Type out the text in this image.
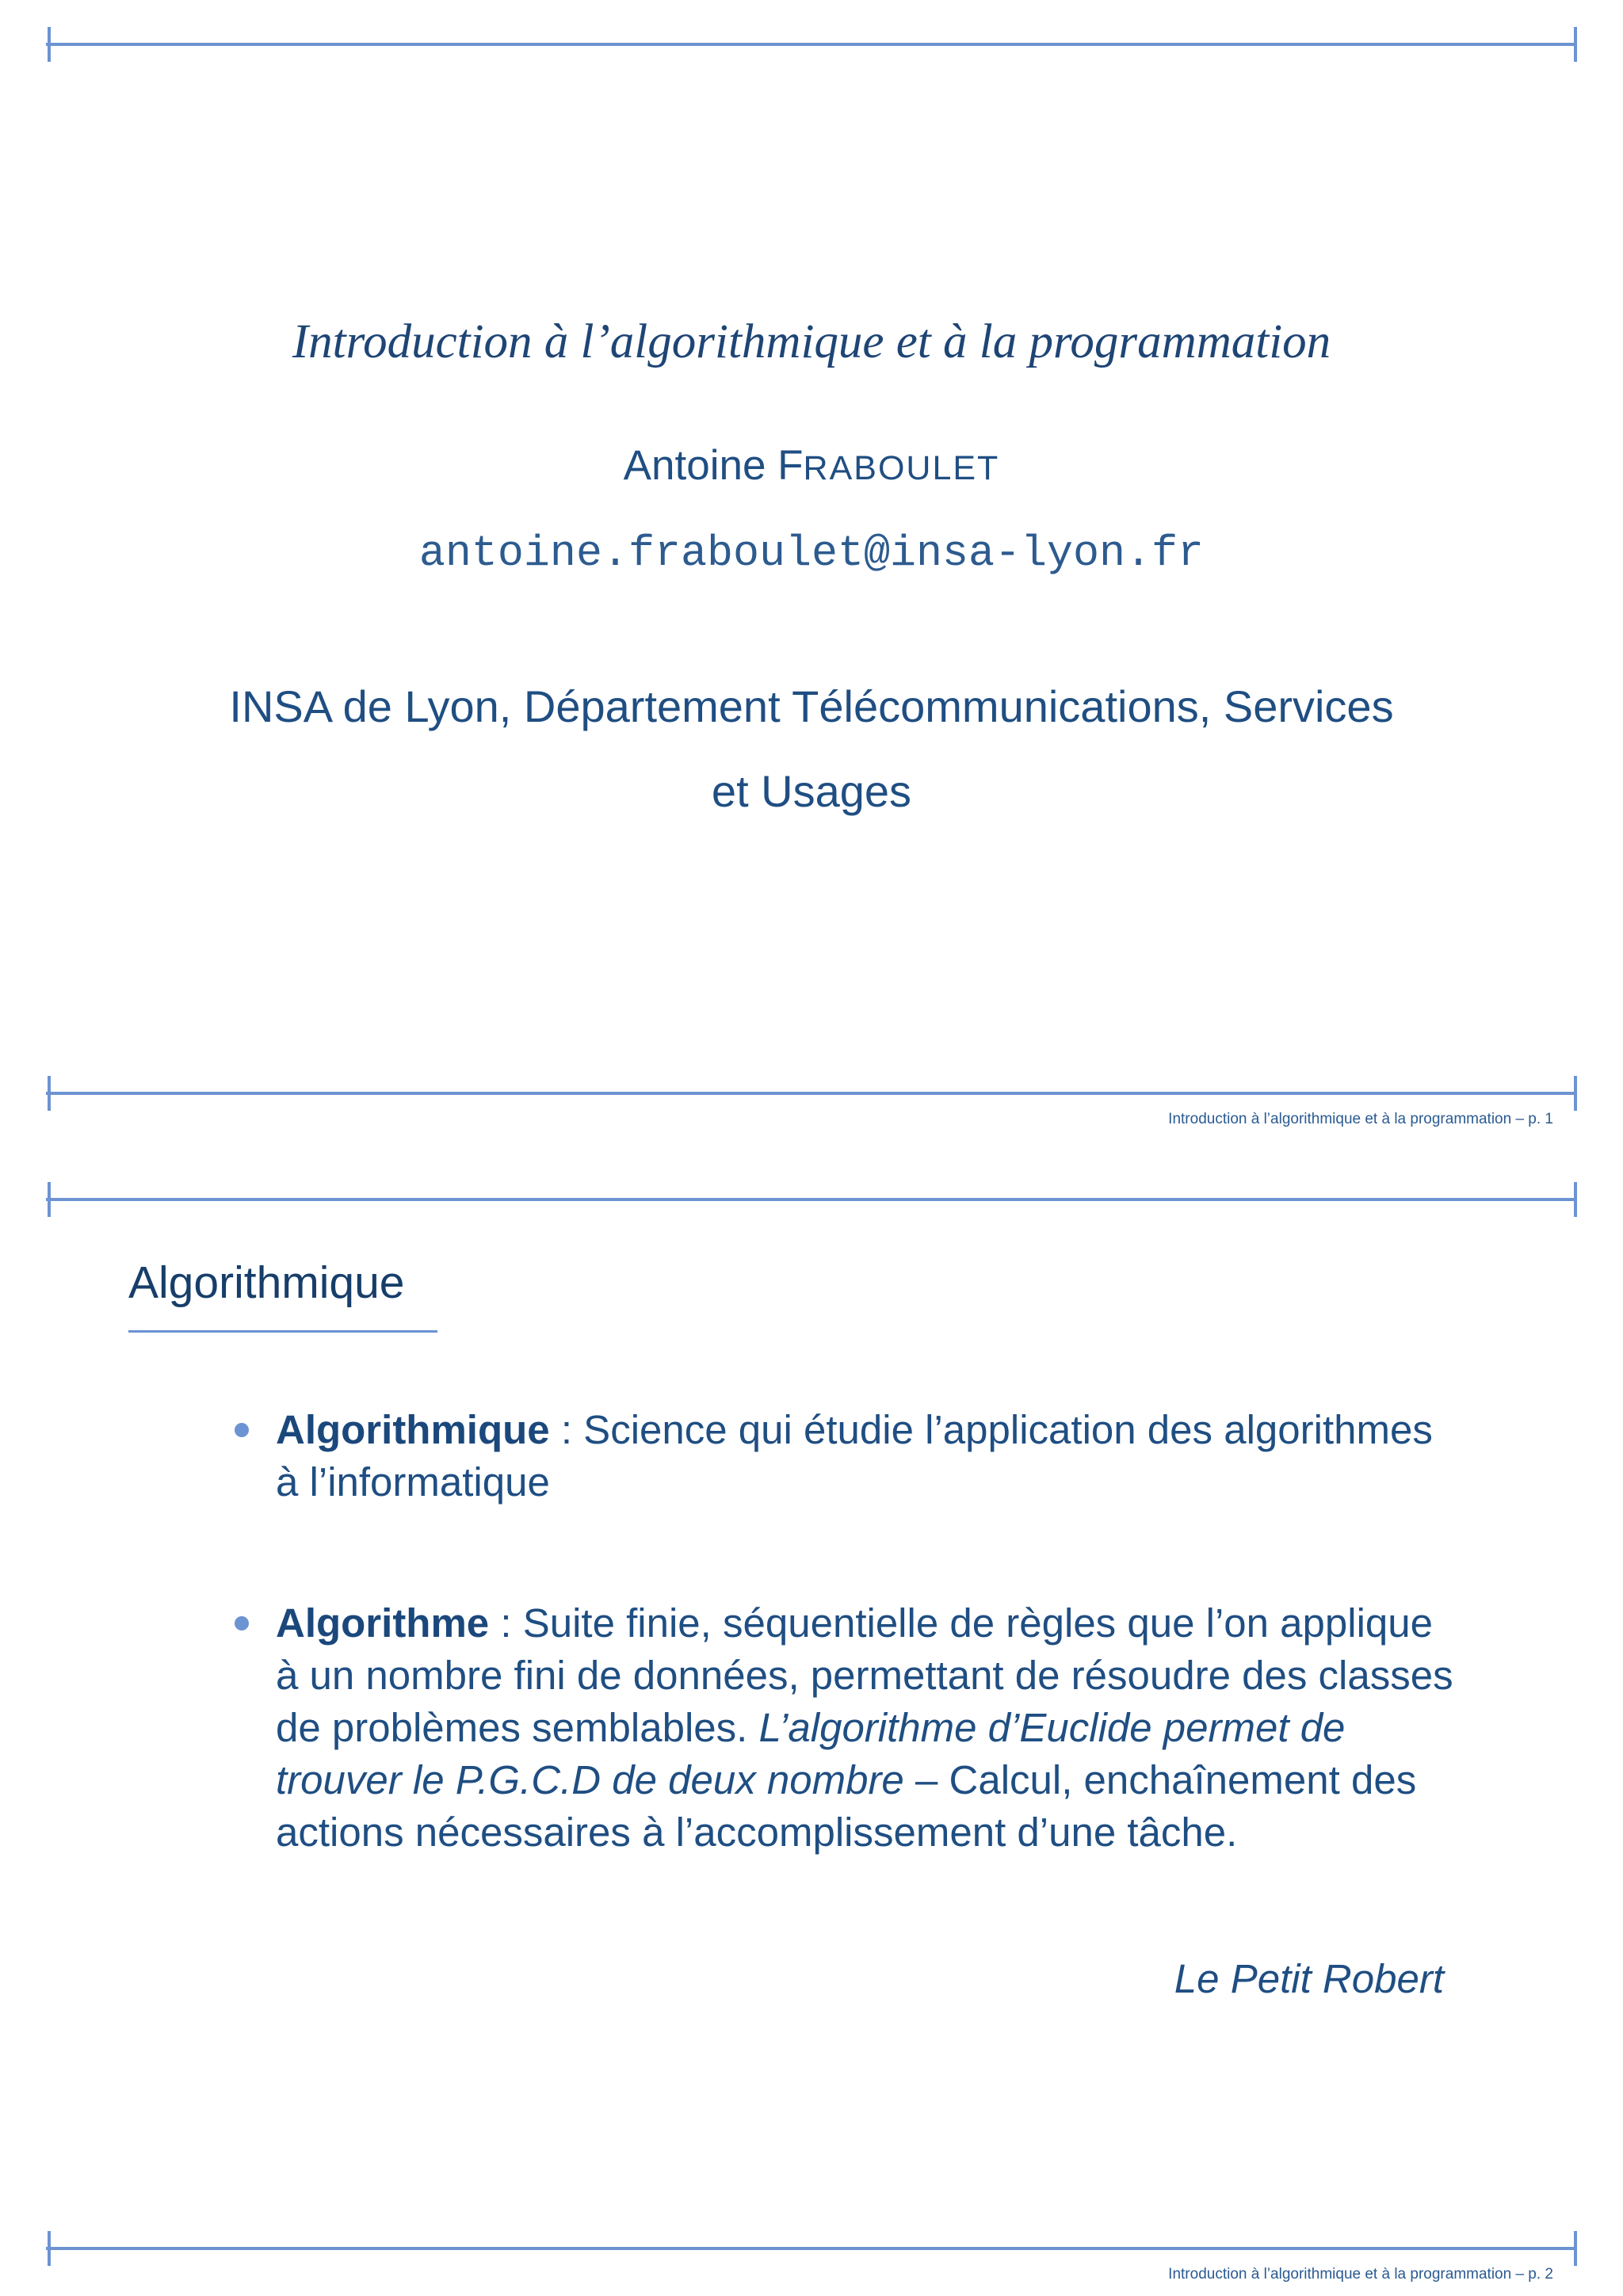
Introduction à l’algorithmique et à la programmation
Antoine FRABOULET
antoine.fraboulet@insa-lyon.fr
INSA de Lyon, Département Télécommunications, Services
et Usages
Introduction à l’algorithmique et à la programmation – p. 1
Algorithmique
Algorithmique : Science qui étudie l’application des algorithmes à l’informatique
Algorithme : Suite finie, séquentielle de règles que l’on applique à un nombre fini de données, permettant de résoudre des classes de problèmes semblables. L’algorithme d’Euclide permet de trouver le P.G.C.D de deux nombre – Calcul, enchaînement des actions nécessaires à l’accomplissement d’une tâche.
Le Petit Robert
Introduction à l’algorithmique et à la programmation – p. 2
